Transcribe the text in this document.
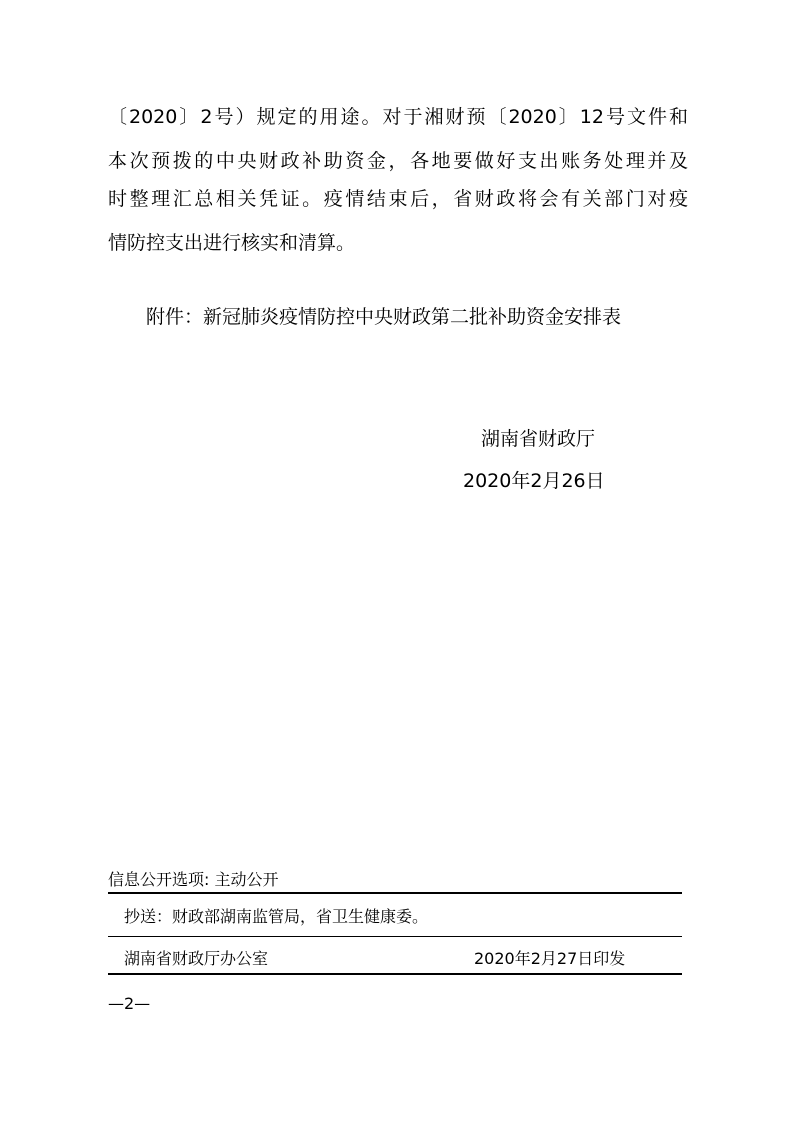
〔2020〕2号）规定的用途。对于湘财预〔2020〕12号文件和
本次预拨的中央财政补助资金，各地要做好支出账务处理并及
时整理汇总相关凭证。疫情结束后，省财政将会有关部门对疫
情防控支出进行核实和清算。
附件：新冠肺炎疫情防控中央财政第二批补助资金安排表
湖南省财政厅
2020年2月26日
信息公开选项: 主动公开
抄送：财政部湖南监管局，省卫生健康委。
湖南省财政厅办公室	2020年2月27日印发
—2—
